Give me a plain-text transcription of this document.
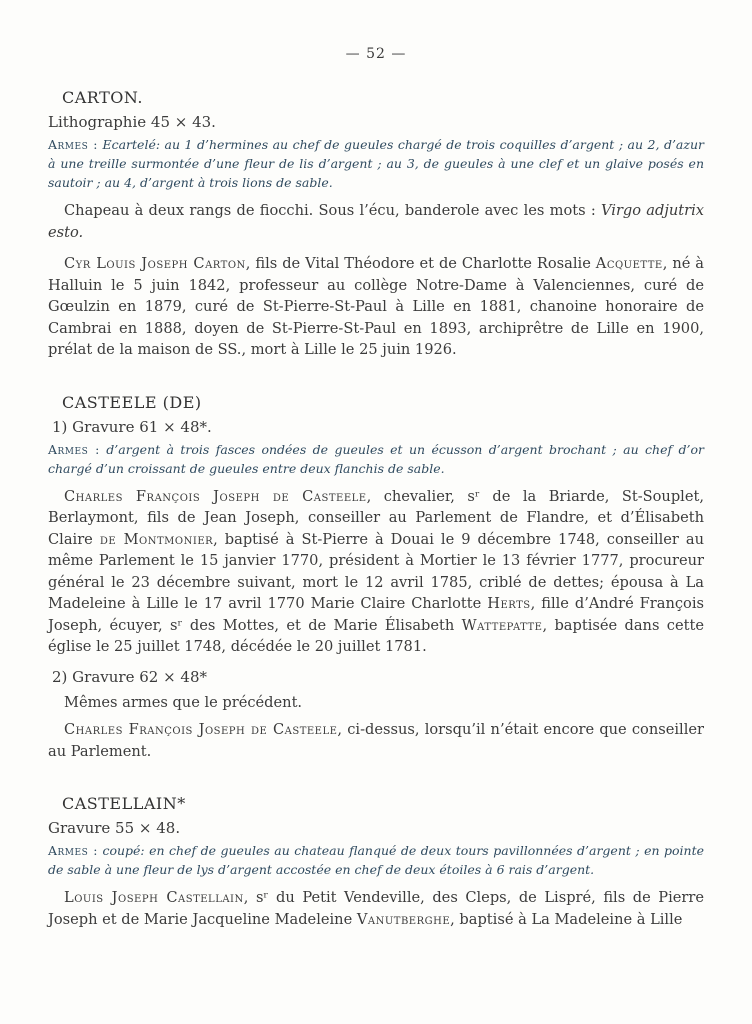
— 52 —
CARTON.
Lithographie 45 × 43.
Armes : Ecartelé: au 1 d’hermines au chef de gueules chargé de trois coquilles d’argent ; au 2, d’azur à une treille surmontée d’une fleur de lis d’argent ; au 3, de gueules à une clef et un glaive posés en sautoir ; au 4, d’argent à trois lions de sable.
Chapeau à deux rangs de fiocchi. Sous l’écu, banderole avec les mots : Virgo adjutrix esto.
Cyr Louis Joseph Carton, fils de Vital Théodore et de Charlotte Rosalie Acquette, né à Halluin le 5 juin 1842, professeur au collège Notre-Dame à Valenciennes, curé de Gœulzin en 1879, curé de St-Pierre-St-Paul à Lille en 1881, chanoine honoraire de Cambrai en 1888, doyen de St-Pierre-St-Paul en 1893, archiprêtre de Lille en 1900, prélat de la maison de SS., mort à Lille le 25 juin 1926.
CASTEELE (DE)
1) Gravure 61 × 48*.
Armes : d’argent à trois fasces ondées de gueules et un écusson d’argent brochant ; au chef d’or chargé d’un croissant de gueules entre deux flanchis de sable.
Charles François Joseph de Casteele, chevalier, sʳ de la Briarde, St-Souplet, Berlaymont, fils de Jean Joseph, conseiller au Parlement de Flandre, et d’Élisabeth Claire de Montmonier, baptisé à St-Pierre à Douai le 9 décembre 1748, conseiller au même Parlement le 15 janvier 1770, président à Mortier le 13 février 1777, procureur général le 23 décembre suivant, mort le 12 avril 1785, criblé de dettes; épousa à La Madeleine à Lille le 17 avril 1770 Marie Claire Charlotte Herts, fille d’André François Joseph, écuyer, sʳ des Mottes, et de Marie Élisabeth Wattepatte, baptisée dans cette église le 25 juillet 1748, décédée le 20 juillet 1781.
2) Gravure 62 × 48*
Mêmes armes que le précédent.
Charles François Joseph de Casteele, ci-dessus, lorsqu’il n’était encore que conseiller au Parlement.
CASTELLAIN*
Gravure 55 × 48.
Armes : coupé: en chef de gueules au chateau flanqué de deux tours pavillonnées d’argent ; en pointe de sable à une fleur de lys d’argent accostée en chef de deux étoiles à 6 rais d’argent.
Louis Joseph Castellain, sʳ du Petit Vendeville, des Cleps, de Lispré, fils de Pierre Joseph et de Marie Jacqueline Madeleine Vanutberghe, baptisé à La Madeleine à Lille
